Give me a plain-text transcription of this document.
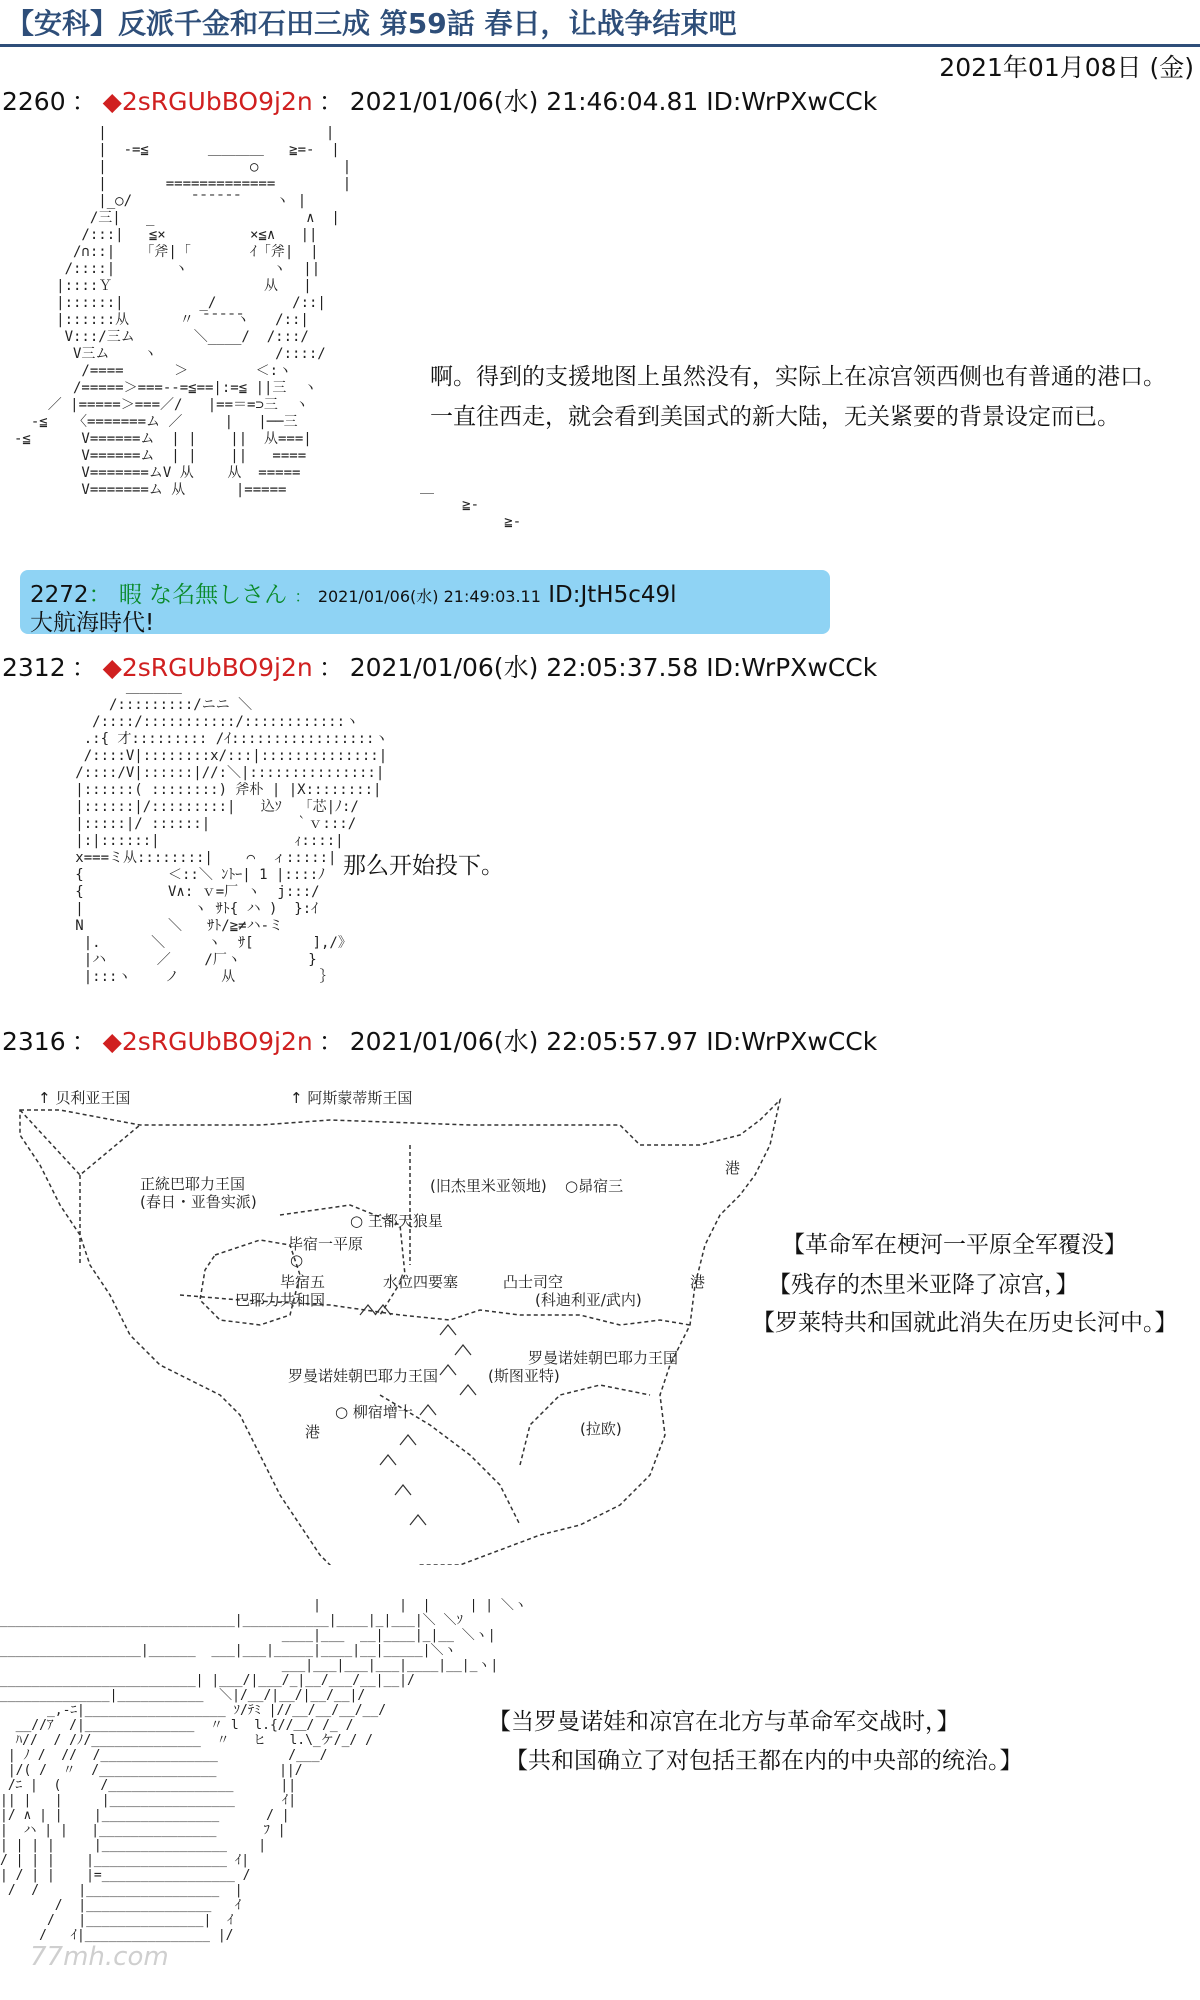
【安科】反派千金和石田三成 第59話 春日，让战争结束吧
2021年01月08日 (金)
2260 ： ◆2sRGUbBO9j2n ： 2021/01/06(水) 21:46:04.81 ID:WrPXwCCk
|                          |
|  -=≦       ＿＿＿＿   ≧=-  |
|                 ○          |
|       =============        |
|_○/       ̄ ̄ ̄ ̄ ̄ ̄     ヽ |
/三|   _                  ∧  |
/:::|   ≦×          ×≦∧   ||
/∩::|   「斧|「       ｲ「斧|  |
/::::|       ヽ          ヽ  ||
|::::Ｙ                  从   |
|::::::|         _/         /::|
|::::::从      〃 ̄ ̄ ̄ ̄ ̄ヽ   /::|
V:::/三ム       ＼____/  /:::/
V三ム    ヽ              /::::/
/====      ＞        ＜:ヽ
/=====＞===--=≦==|:=≦ ||三  ヽ
／ |=====＞===／/   |==＝=⊃三  ヽ
-≦   〈=======ム ／     |   |──三
-≦      V======ム  | |    ||  从===|
V======ム  | |    ||   ====
V=======ムV 从    从  =====
V=======ム 从      |=====	＿
≧-
≧-
啊。得到的支援地图上虽然没有，实际上在凉宫领西侧也有普通的港口。
一直往西走，就会看到美国式的新大陆，无关紧要的背景设定而已。
2272： 暇 な名無しさん ： 2021/01/06(水) 21:49:03.11 ID:JtH5c49l
大航海時代!
2312 ： ◆2sRGUbBO9j2n ： 2021/01/06(水) 22:05:37.58 ID:WrPXwCCk
＿＿＿＿
/:::::::::/ニニ ＼
/::::/:::::::::::/::::::::::::ヽ
.:{ 才::::::::: /ｲ:::::::::::::::::ヽ
/::::V|::::::::x/:::|::::::::::::::|
/::::/V|::::::|//:＼|:::::::::::::::|
|::::::( ::::::::) 斧朴 | |X::::::::|
|::::::|/:::::::::|   込ｿ  「芯|ﾉ:/
|:::::|/ ::::::|          ｀ｖ:::/
|:|::::::|                ｨ::::|
x===ミ从::::::::|    ⌒  ィ:::::|
{          ＜::＼ ﾝﾄｰ| 1 |::::ﾉ
{          V∧: ｖ=厂 ヽ  j:::/
|             ヽ ｻﾄ{ ハ )  }:ｲ
N          ＼   ｻﾄ/≧≠ハ-ミ
|.      ＼     ヽ  ｻ[       ],/》
|ハ      ／    /厂ヽ        }
|:::ヽ    ノ     从          ｝
那么开始投下。
2316 ： ◆2sRGUbBO9j2n ： 2021/01/06(水) 22:05:57.97 ID:WrPXwCCk
↑ 贝利亚王国	↑ 阿斯蒙蒂斯王国
正統巴耶力王国
(春日・亚鲁实派)
○ 王都天狼星
(旧杰里米亚领地) ○昴宿三
港
毕宿一平原
○
毕宿五
巴耶力共和国
水位四要塞	凸士司空
(科迪利亚/武内)
港
罗曼诺娃朝巴耶力王国
罗曼诺娃朝巴耶力王国	(斯图亚特)
○ 柳宿增十
港	(拉欧)
【革命军在梗河一平原全军覆没】
【残存的杰里米亚降了凉宫，】
【罗莱特共和国就此消失在历史长河中。】
|          |  |     | | ＼ヽ
______________________________|___________|____|_|___|＼ ＼ｿ
____|___  __|____|_|__ ＼ヽ|
__________________|______  ___|___|_____|____|__|_____|＼ヽ
___|___|___|___|____|__|_ヽ|
_________________________| |___/|___/_|__/___/__|__|/
______________|___________  ＼|/__/|__/|__/__|/
_,-ﾆ|__________________ ｿ/ﾃﾐ |//__/__/__/__/
__//ｱ  /|______________  〃 l  l.{//＿/ /_ /
ﾊ//  / /ﾉ/______________  〃   ヒ   l.\_ケ/_/ /
| ﾉ /  //  /_______________         /___/
|/( /  〃  /_______________        ||/
/ﾆ |  (     /________________      ||
|| |   |     |________________      ｲ|
|/ ∧ | |    |_______________      / |
|  ハ | |   |_______________      ﾌ |
| | | |     |________________    |
/ | | |    |_________________ ｲ|
| / | |    |=_________________ /
/  /     |_________________  |
/  |________________   ｲ
/   |_______________|  ｲ
/   ｲ|________________ |/
【当罗曼诺娃和凉宫在北方与革命军交战时，】
【共和国确立了对包括王都在内的中央部的统治。】
77mh.com
